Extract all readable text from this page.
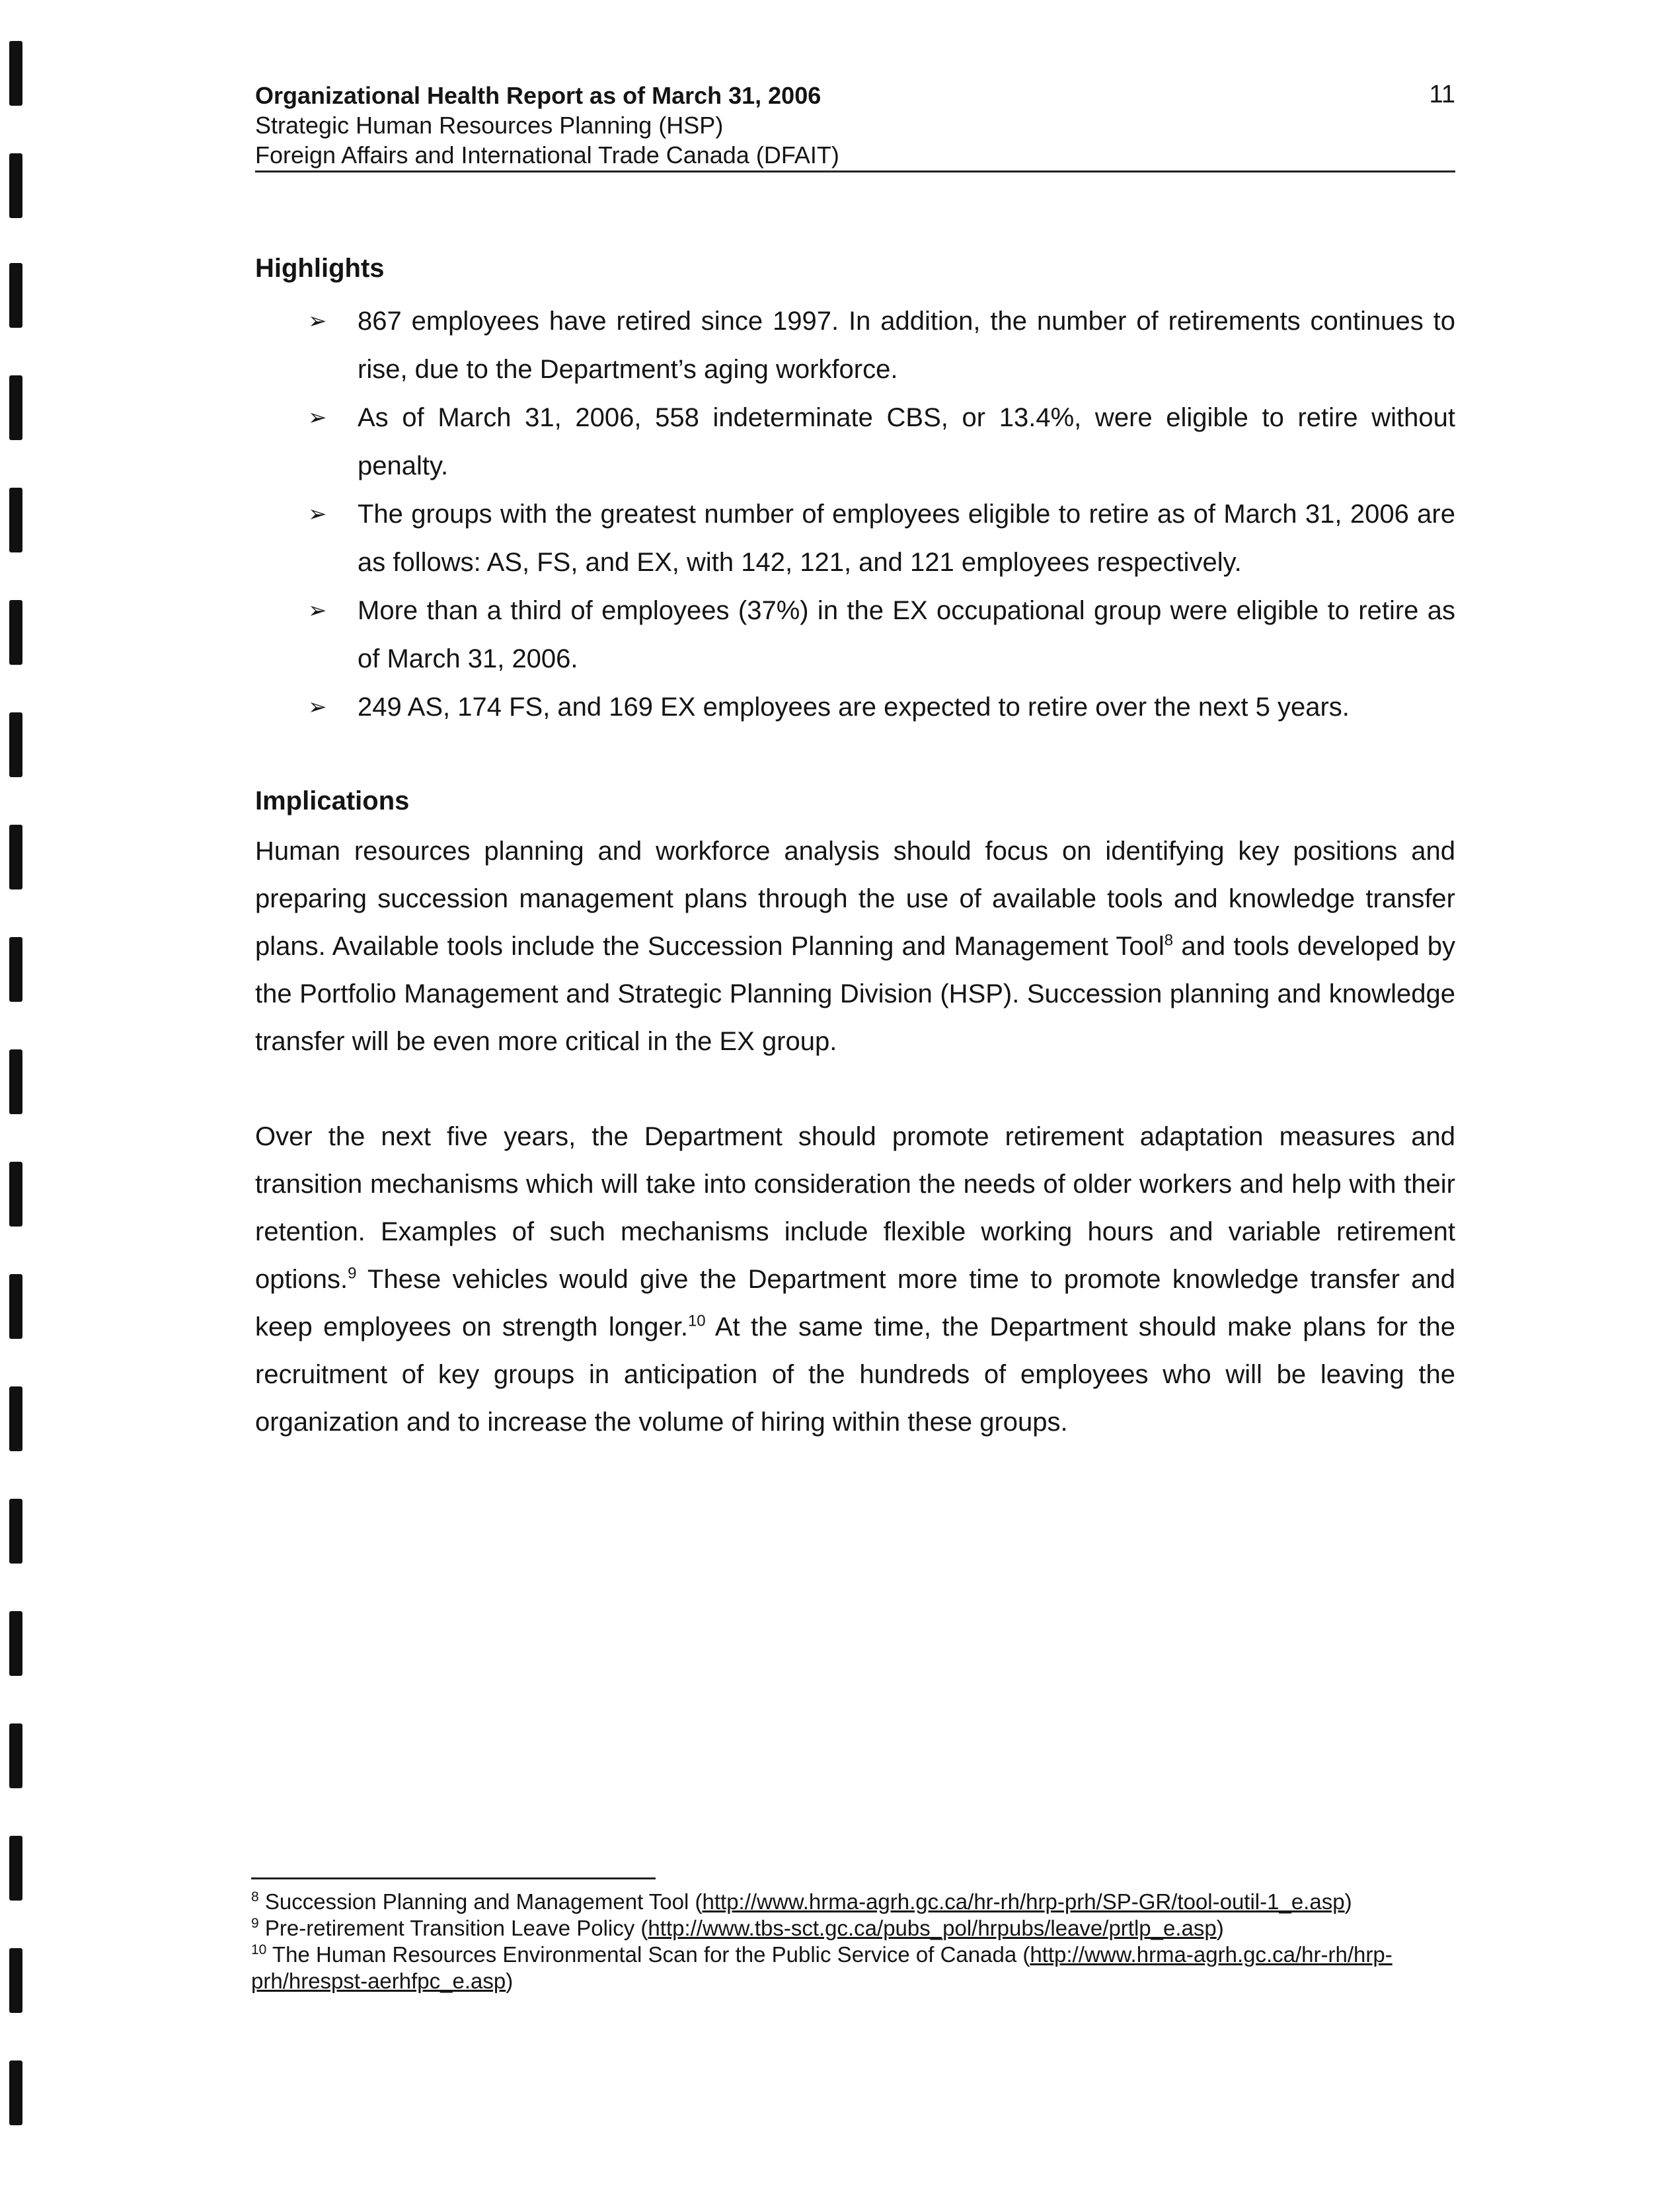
Organizational Health Report as of March 31, 2006
Strategic Human Resources Planning (HSP)
Foreign Affairs and International Trade Canada (DFAIT)
11
Highlights
➢ 867 employees have retired since 1997. In addition, the number of retirements continues to rise, due to the Department’s aging workforce.
➢ As of March 31, 2006, 558 indeterminate CBS, or 13.4%, were eligible to retire without penalty.
➢ The groups with the greatest number of employees eligible to retire as of March 31, 2006 are as follows: AS, FS, and EX, with 142, 121, and 121 employees respectively.
➢ More than a third of employees (37%) in the EX occupational group were eligible to retire as of March 31, 2006.
➢ 249 AS, 174 FS, and 169 EX employees are expected to retire over the next 5 years.
Implications

Human resources planning and workforce analysis should focus on identifying key positions and preparing succession management plans through the use of available tools and knowledge transfer plans. Available tools include the Succession Planning and Management Tool$^8$ and tools developed by the Portfolio Management and Strategic Planning Division (HSP). Succession planning and knowledge transfer will be even more critical in the EX group.

Over the next five years, the Department should promote retirement adaptation measures and transition mechanisms which will take into consideration the needs of older workers and help with their retention. Examples of such mechanisms include flexible working hours and variable retirement options.$^9$ These vehicles would give the Department more time to promote knowledge transfer and keep employees on strength longer.$^{10}$ At the same time, the Department should make plans for the recruitment of key groups in anticipation of the hundreds of employees who will be leaving the organization and to increase the volume of hiring within these groups.

$^8$ Succession Planning and Management Tool (http://www.hrma-agrh.gc.ca/hr-rh/hrp-prh/SP-GR/tool-outil-1_e.asp)
$^9$ Pre-retirement Transition Leave Policy (http://www.tbs-sct.gc.ca/pubs_pol/hrpubs/leave/prtlp_e.asp)
$^{10}$ The Human Resources Environmental Scan for the Public Service of Canada (http://www.hrma-agrh.gc.ca/hr-rh/hrp-prh/hrespst-aerhfpc_e.asp)
